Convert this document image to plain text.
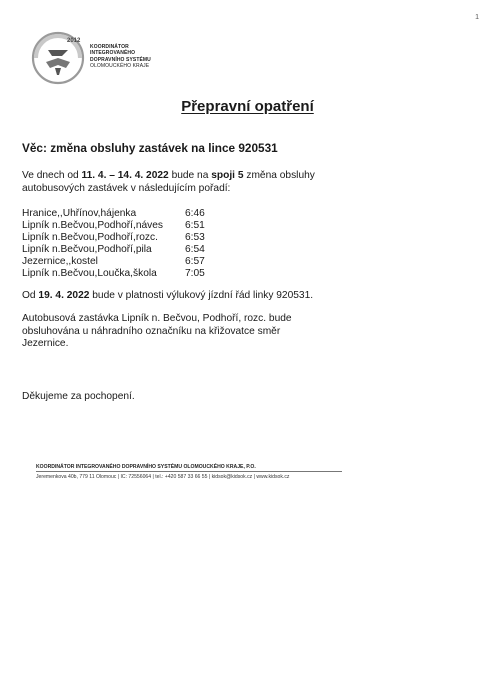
1
2012
KOORDINÁTOR
INTEGROVANÉHO
DOPRAVNÍHO SYSTÉMU
OLOMOUCKÉHO KRAJE
Přepravní opatření
Věc: změna obsluhy zastávek na lince 920531
Ve dnech od 11. 4. – 14. 4. 2022 bude na spoji 5 změna obsluhy autobusových zastávek v následujícím pořadí:
Hranice,,Uhřínov,hájenka	6:46
Lipník n.Bečvou,Podhoří,náves	6:51
Lipník n.Bečvou,Podhoří,rozc.	6:53
Lipník n.Bečvou,Podhoří,pila	6:54
Jezernice,,kostel	6:57
Lipník n.Bečvou,Loučka,škola	7:05
Od 19. 4. 2022 bude v platnosti výlukový jízdní řád linky 920531.
Autobusová zastávka Lipník n. Bečvou, Podhoří, rozc. bude obsluhována u náhradního označníku na křižovatce směr Jezernice.
Děkujeme za pochopení.
KOORDINÁTOR INTEGROVANÉHO DOPRAVNÍHO SYSTÉMU OLOMOUCKÉHO KRAJE, P.O.
Jeremenkova 40b, 779 11 Olomouc | IČ: 72556064 | tel.: +420 587 33 66 55 | kidsok@kidsok.cz | www.kidsok.cz
